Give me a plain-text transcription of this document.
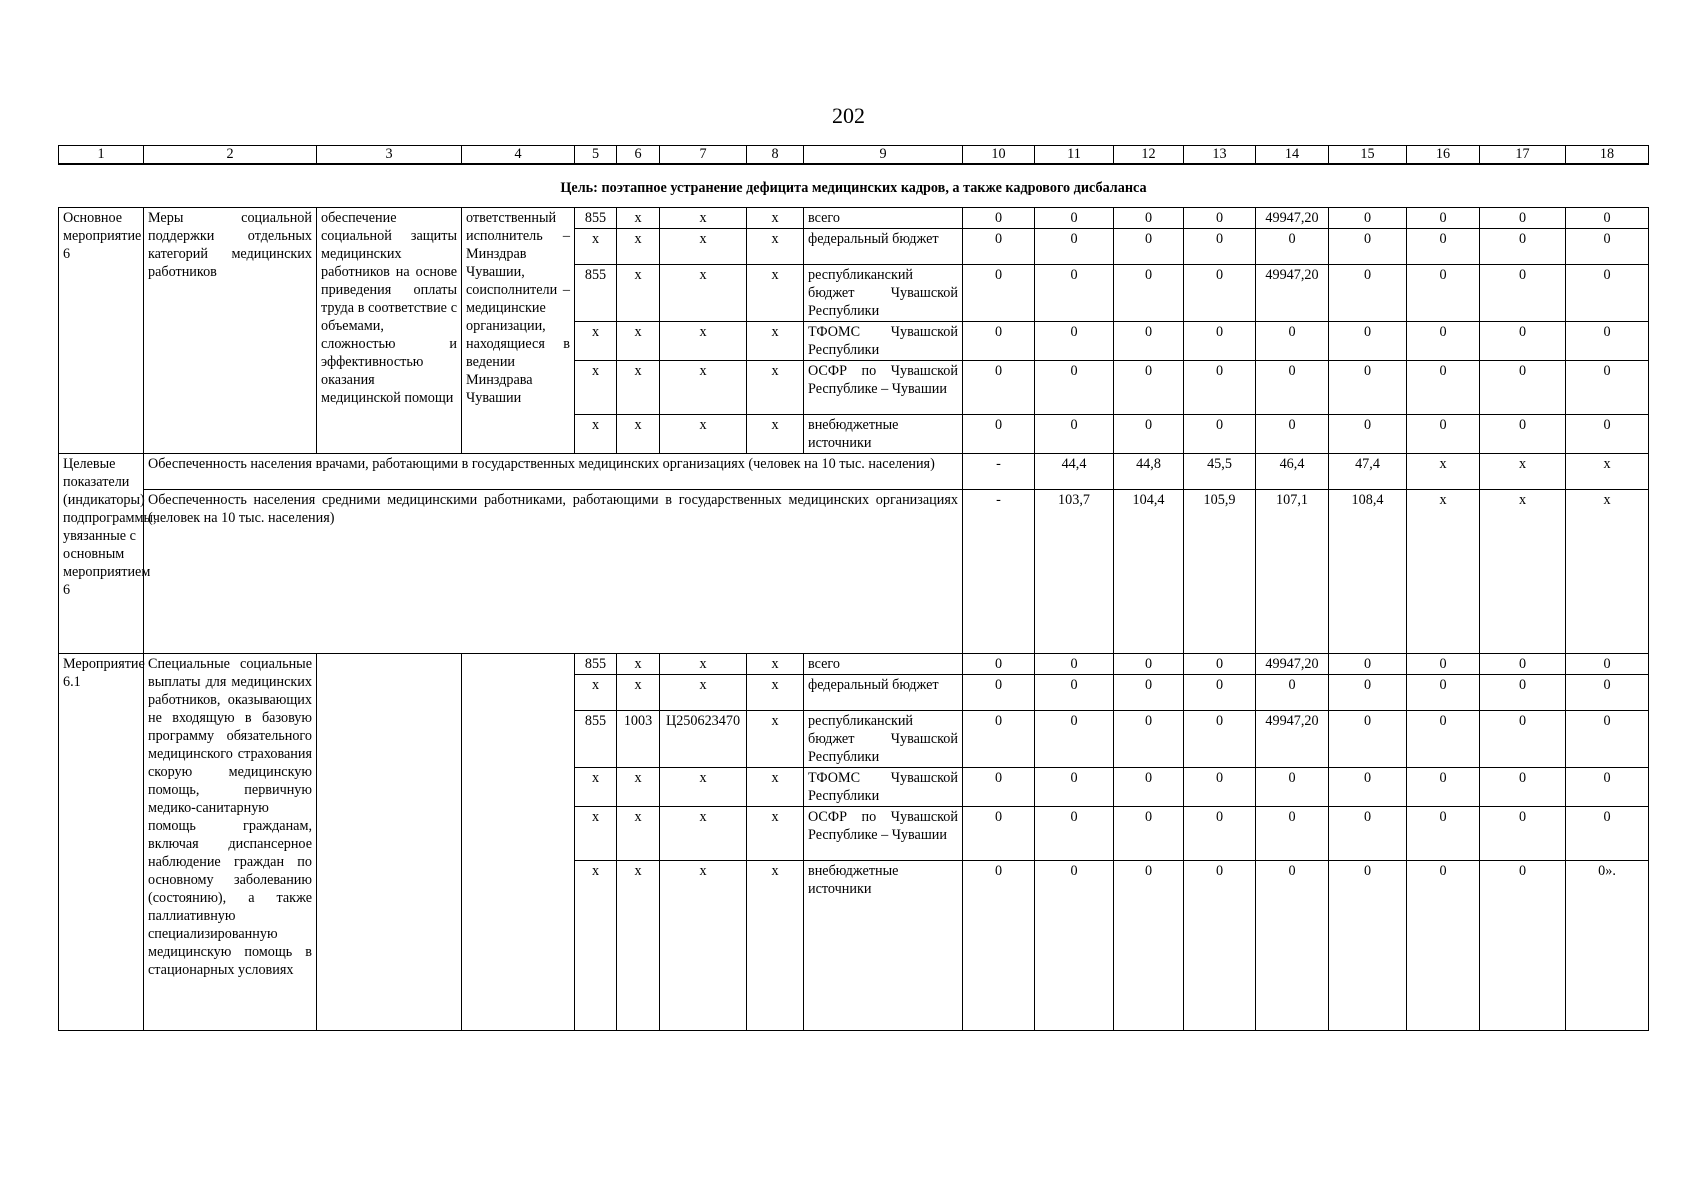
202
1	2	3	4	5	6	7	8	9	10	11	12	13	14	15	16	17	18
Цель: поэтапное устранение дефицита медицинских кадров, а также кадрового дисбаланса																	
Основное мероприятие 6	Меры социальной поддержки отдельных категорий медицинских работников	обеспечение социальной защиты медицинских работников на основе приведения оплаты труда в соответствие с объемами, сложностью и эффективностью оказания медицинской помощи	ответственный исполнитель – Минздрав Чувашии, соисполнители – медицинские организации, находящиеся в ведении Минздрава Чувашии	855	x	x	x	всего	0	0	0	0	49947,20	0	0	0	0
				x	x	x	x	федеральный бюджет	0	0	0	0	0	0	0	0	0
				855	x	x	x	республиканский бюджет Чувашской Республики	0	0	0	0	49947,20	0	0	0	0
				x	x	x	x	ТФОМС Чувашской Республики	0	0	0	0	0	0	0	0	0
				x	x	x	x	ОСФР по Чувашской Республике – Чувашии	0	0	0	0	0	0	0	0	0
				x	x	x	x	внебюджетные источники	0	0	0	0	0	0	0	0	0
Целевые показатели (индикаторы) подпрограммы, увязанные с основным мероприятием 6	Обеспеченность населения врачами, работающими в государственных медицинских организациях (человек на 10 тыс. населения)								-	44,4	44,8	45,5	46,4	47,4	x	x	x
	Обеспеченность населения средними медицинскими работниками, работающими в государственных медицинских организациях (человек на 10 тыс. населения)								-	103,7	104,4	105,9	107,1	108,4	x	x	x
Мероприятие 6.1	Специальные социальные выплаты для медицинских работников, оказывающих не входящую в базовую программу обязательного медицинского страхования скорую медицинскую помощь, первичную медико-санитарную помощь гражданам, включая диспансерное наблюдение граждан по основному заболеванию (состоянию), а также паллиативную специализированную медицинскую помощь в стационарных условиях			855	x	x	x	всего	0	0	0	0	49947,20	0	0	0	0
				x	x	x	x	федеральный бюджет	0	0	0	0	0	0	0	0	0
				855	1003	Ц250623470	x	республиканский бюджет Чувашской Республики	0	0	0	0	49947,20	0	0	0	0
				x	x	x	x	ТФОМС Чувашской Республики	0	0	0	0	0	0	0	0	0
				x	x	x	x	ОСФР по Чувашской Республике – Чувашии	0	0	0	0	0	0	0	0	0
				x	x	x	x	внебюджетные источники	0	0	0	0	0	0	0	0	0».
